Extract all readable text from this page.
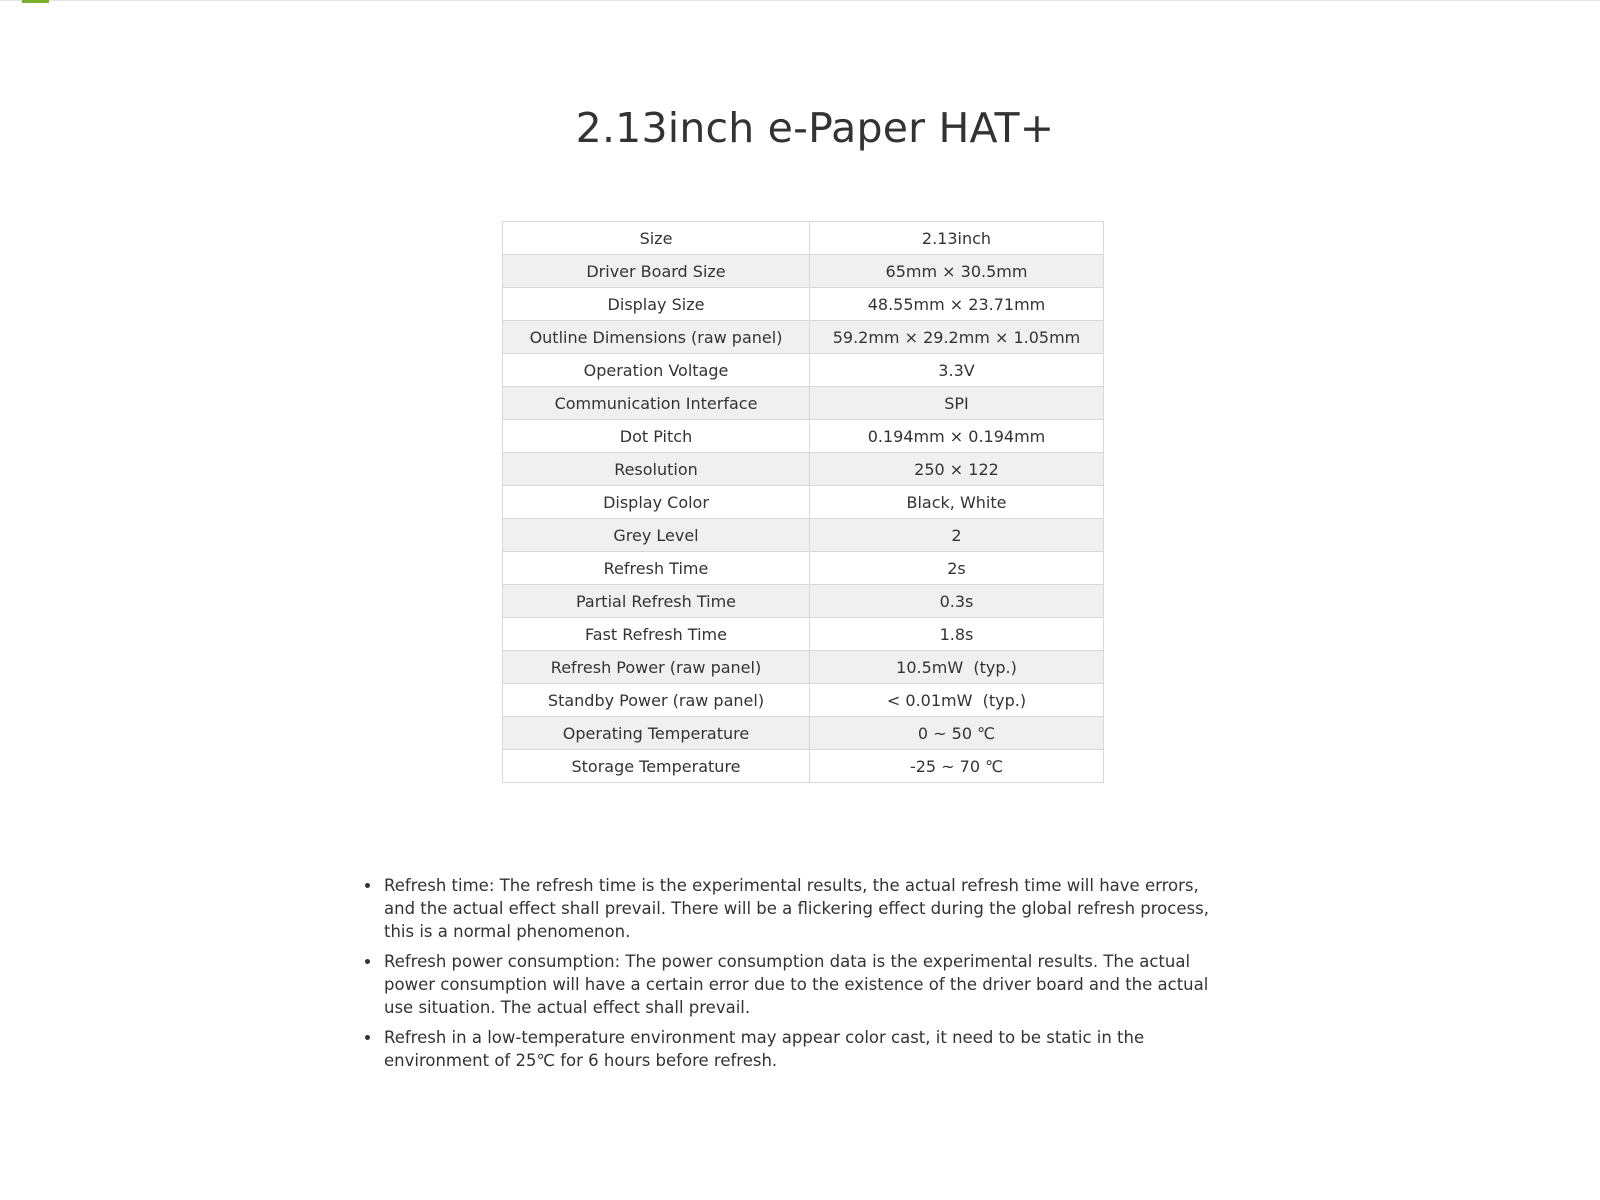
2.13inch e-Paper HAT+
Size	2.13inch
Driver Board Size	65mm × 30.5mm
Display Size	48.55mm × 23.71mm
Outline Dimensions (raw panel)	59.2mm × 29.2mm × 1.05mm
Operation Voltage	3.3V
Communication Interface	SPI
Dot Pitch	0.194mm × 0.194mm
Resolution	250 × 122
Display Color	Black, White
Grey Level	2
Refresh Time	2s
Partial Refresh Time	0.3s
Fast Refresh Time	1.8s
Refresh Power (raw panel)	10.5mW  (typ.)
Standby Power (raw panel)	< 0.01mW  (typ.)
Operating Temperature	0 ~ 50 ℃
Storage Temperature	-25 ~ 70 ℃
• Refresh time: The refresh time is the experimental results, the actual refresh time will have errors, and the actual effect shall prevail. There will be a flickering effect during the global refresh process, this is a normal phenomenon.
• Refresh power consumption: The power consumption data is the experimental results. The actual power consumption will have a certain error due to the existence of the driver board and the actual use situation. The actual effect shall prevail.
• Refresh in a low-temperature environment may appear color cast, it need to be static in the environment of 25℃ for 6 hours before refresh.
